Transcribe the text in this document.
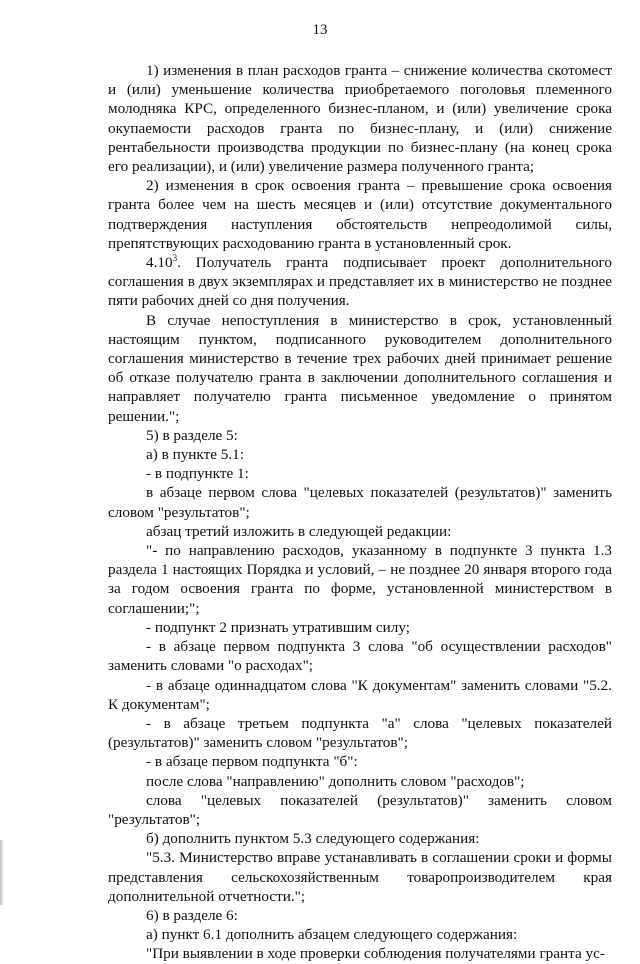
13

1) изменения в план расходов гранта – снижение количества скотомест и (или) уменьшение количества приобретаемого поголовья племенного молодняка КРС, определенного бизнес-планом, и (или) увеличение срока окупаемости расходов гранта по бизнес-плану, и (или) снижение рентабельности производства продукции по бизнес-плану (на конец срока его реализации), и (или) увеличение размера полученного гранта;

2) изменения в срок освоения гранта – превышение срока освоения гранта более чем на шесть месяцев и (или) отсутствие документального подтверждения наступления обстоятельств непреодолимой силы, препятствующих расходованию гранта в установленный срок.

4.10$^3$. Получатель гранта подписывает проект дополнительного соглашения в двух экземплярах и представляет их в министерство не позднее пяти рабочих дней со дня получения.

В случае непоступления в министерство в срок, установленный настоящим пунктом, подписанного руководителем дополнительного соглашения министерство в течение трех рабочих дней принимает решение об отказе получателю гранта в заключении дополнительного соглашения и направляет получателю гранта письменное уведомление о принятом решении.";

5) в разделе 5:

а) в пункте 5.1:

- в подпункте 1:

в абзаце первом слова "целевых показателей (результатов)" заменить словом "результатов";

абзац третий изложить в следующей редакции:

"- по направлению расходов, указанному в подпункте 3 пункта 1.3 раздела 1 настоящих Порядка и условий, – не позднее 20 января второго года за годом освоения гранта по форме, установленной министерством в соглашении;";

- подпункт 2 признать утратившим силу;

- в абзаце первом подпункта 3 слова "об осуществлении расходов" заменить словами "о расходах";

- в абзаце одиннадцатом слова "К документам" заменить словами "5.2. К документам";

- в абзаце третьем подпункта "а" слова "целевых показателей (результатов)" заменить словом "результатов";

- в абзаце первом подпункта "б":

после слова "направлению" дополнить словом "расходов";

слова "целевых показателей (результатов)" заменить словом "результатов";

б) дополнить пунктом 5.3 следующего содержания:

"5.3. Министерство вправе устанавливать в соглашении сроки и формы представления сельскохозяйственным товаропроизводителем края дополнительной отчетности.";

6) в разделе 6:

а) пункт 6.1 дополнить абзацем следующего содержания:

"При выявлении в ходе проверки соблюдения получателями гранта ус-
